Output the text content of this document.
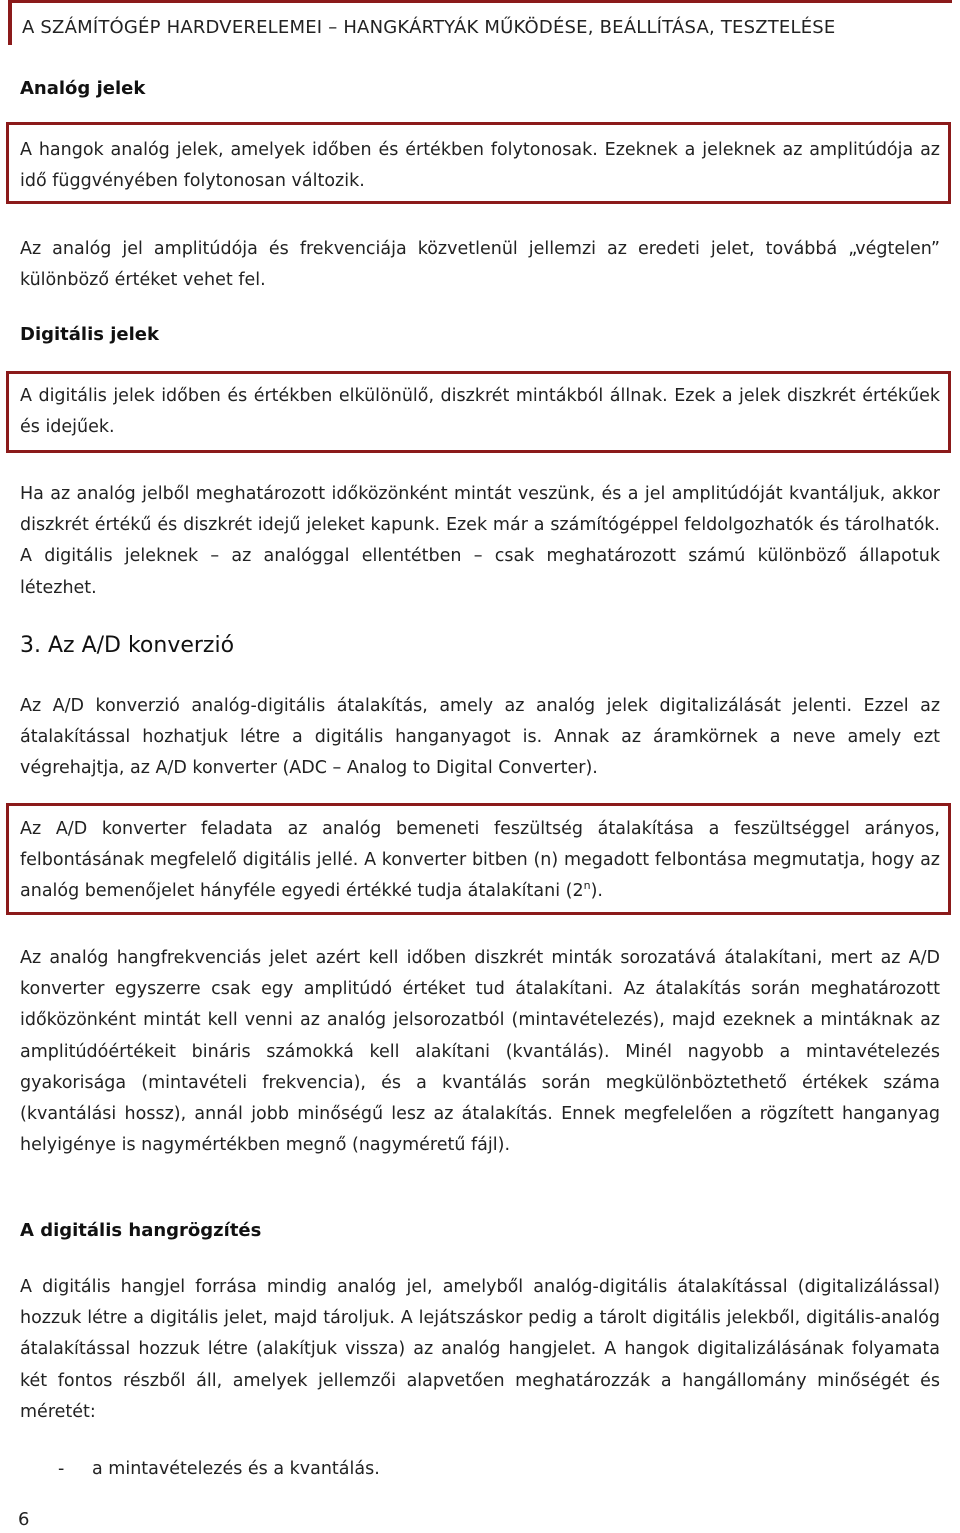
A SZÁMÍTÓGÉP HARDVERELEMEI – HANGKÁRTYÁK MŰKÖDÉSE, BEÁLLÍTÁSA, TESZTELÉSE
Analóg jelek

A hangok analóg jelek, amelyek időben és értékben folytonosak. Ezeknek a jeleknek az amplitúdója az idő függvényében folytonosan változik.

Az analóg jel amplitúdója és frekvenciája közvetlenül jellemzi az eredeti jelet, továbbá „végtelen” különböző értéket vehet fel.

Digitális jelek

A digitális jelek időben és értékben elkülönülő, diszkrét mintákból állnak. Ezek a jelek diszkrét értékűek és idejűek.

Ha az analóg jelből meghatározott időközönként mintát veszünk, és a jel amplitúdóját kvantáljuk, akkor diszkrét értékű és diszkrét idejű jeleket kapunk. Ezek már a számítógéppel feldolgozhatók és tárolhatók. A digitális jeleknek – az analóggal ellentétben – csak meghatározott számú különböző állapotuk létezhet.

3. Az A/D konverzió

Az A/D konverzió analóg-digitális átalakítás, amely az analóg jelek digitalizálását jelenti. Ezzel az átalakítással hozhatjuk létre a digitális hanganyagot is. Annak az áramkörnek a neve amely ezt végrehajtja, az A/D konverter (ADC – Analog to Digital Converter).

Az A/D konverter feladata az analóg bemeneti feszültség átalakítása a feszültséggel arányos, felbontásának megfelelő digitális jellé. A konverter bitben (n) megadott felbontása megmutatja, hogy az analóg bemenőjelet hányféle egyedi értékké tudja átalakítani (2$^n$).

Az analóg hangfrekvenciás jelet azért kell időben diszkrét minták sorozatává átalakítani, mert az A/D konverter egyszerre csak egy amplitúdó értéket tud átalakítani. Az átalakítás során meghatározott időközönként mintát kell venni az analóg jelsorozatból (mintavételezés), majd ezeknek a mintáknak az amplitúdóértékeit bináris számokká kell alakítani (kvantálás). Minél nagyobb a mintavételezés gyakorisága (mintavételi frekvencia), és a kvantálás során megkülönböztethető értékek száma (kvantálási hossz), annál jobb minőségű lesz az átalakítás. Ennek megfelelően a rögzített hanganyag helyigénye is nagymértékben megnő (nagyméretű fájl).

A digitális hangrögzítés

A digitális hangjel forrása mindig analóg jel, amelyből analóg-digitális átalakítással (digitalizálással) hozzuk létre a digitális jelet, majd tároljuk. A lejátszáskor pedig a tárolt digitális jelekből, digitális-analóg átalakítással hozzuk létre (alakítjuk vissza) az analóg hangjelet. A hangok digitalizálásának folyamata két fontos részből áll, amelyek jellemzői alapvetően meghatározzák a hangállomány minőségét és méretét:

- a mintavételezés és a kvantálás.
6
